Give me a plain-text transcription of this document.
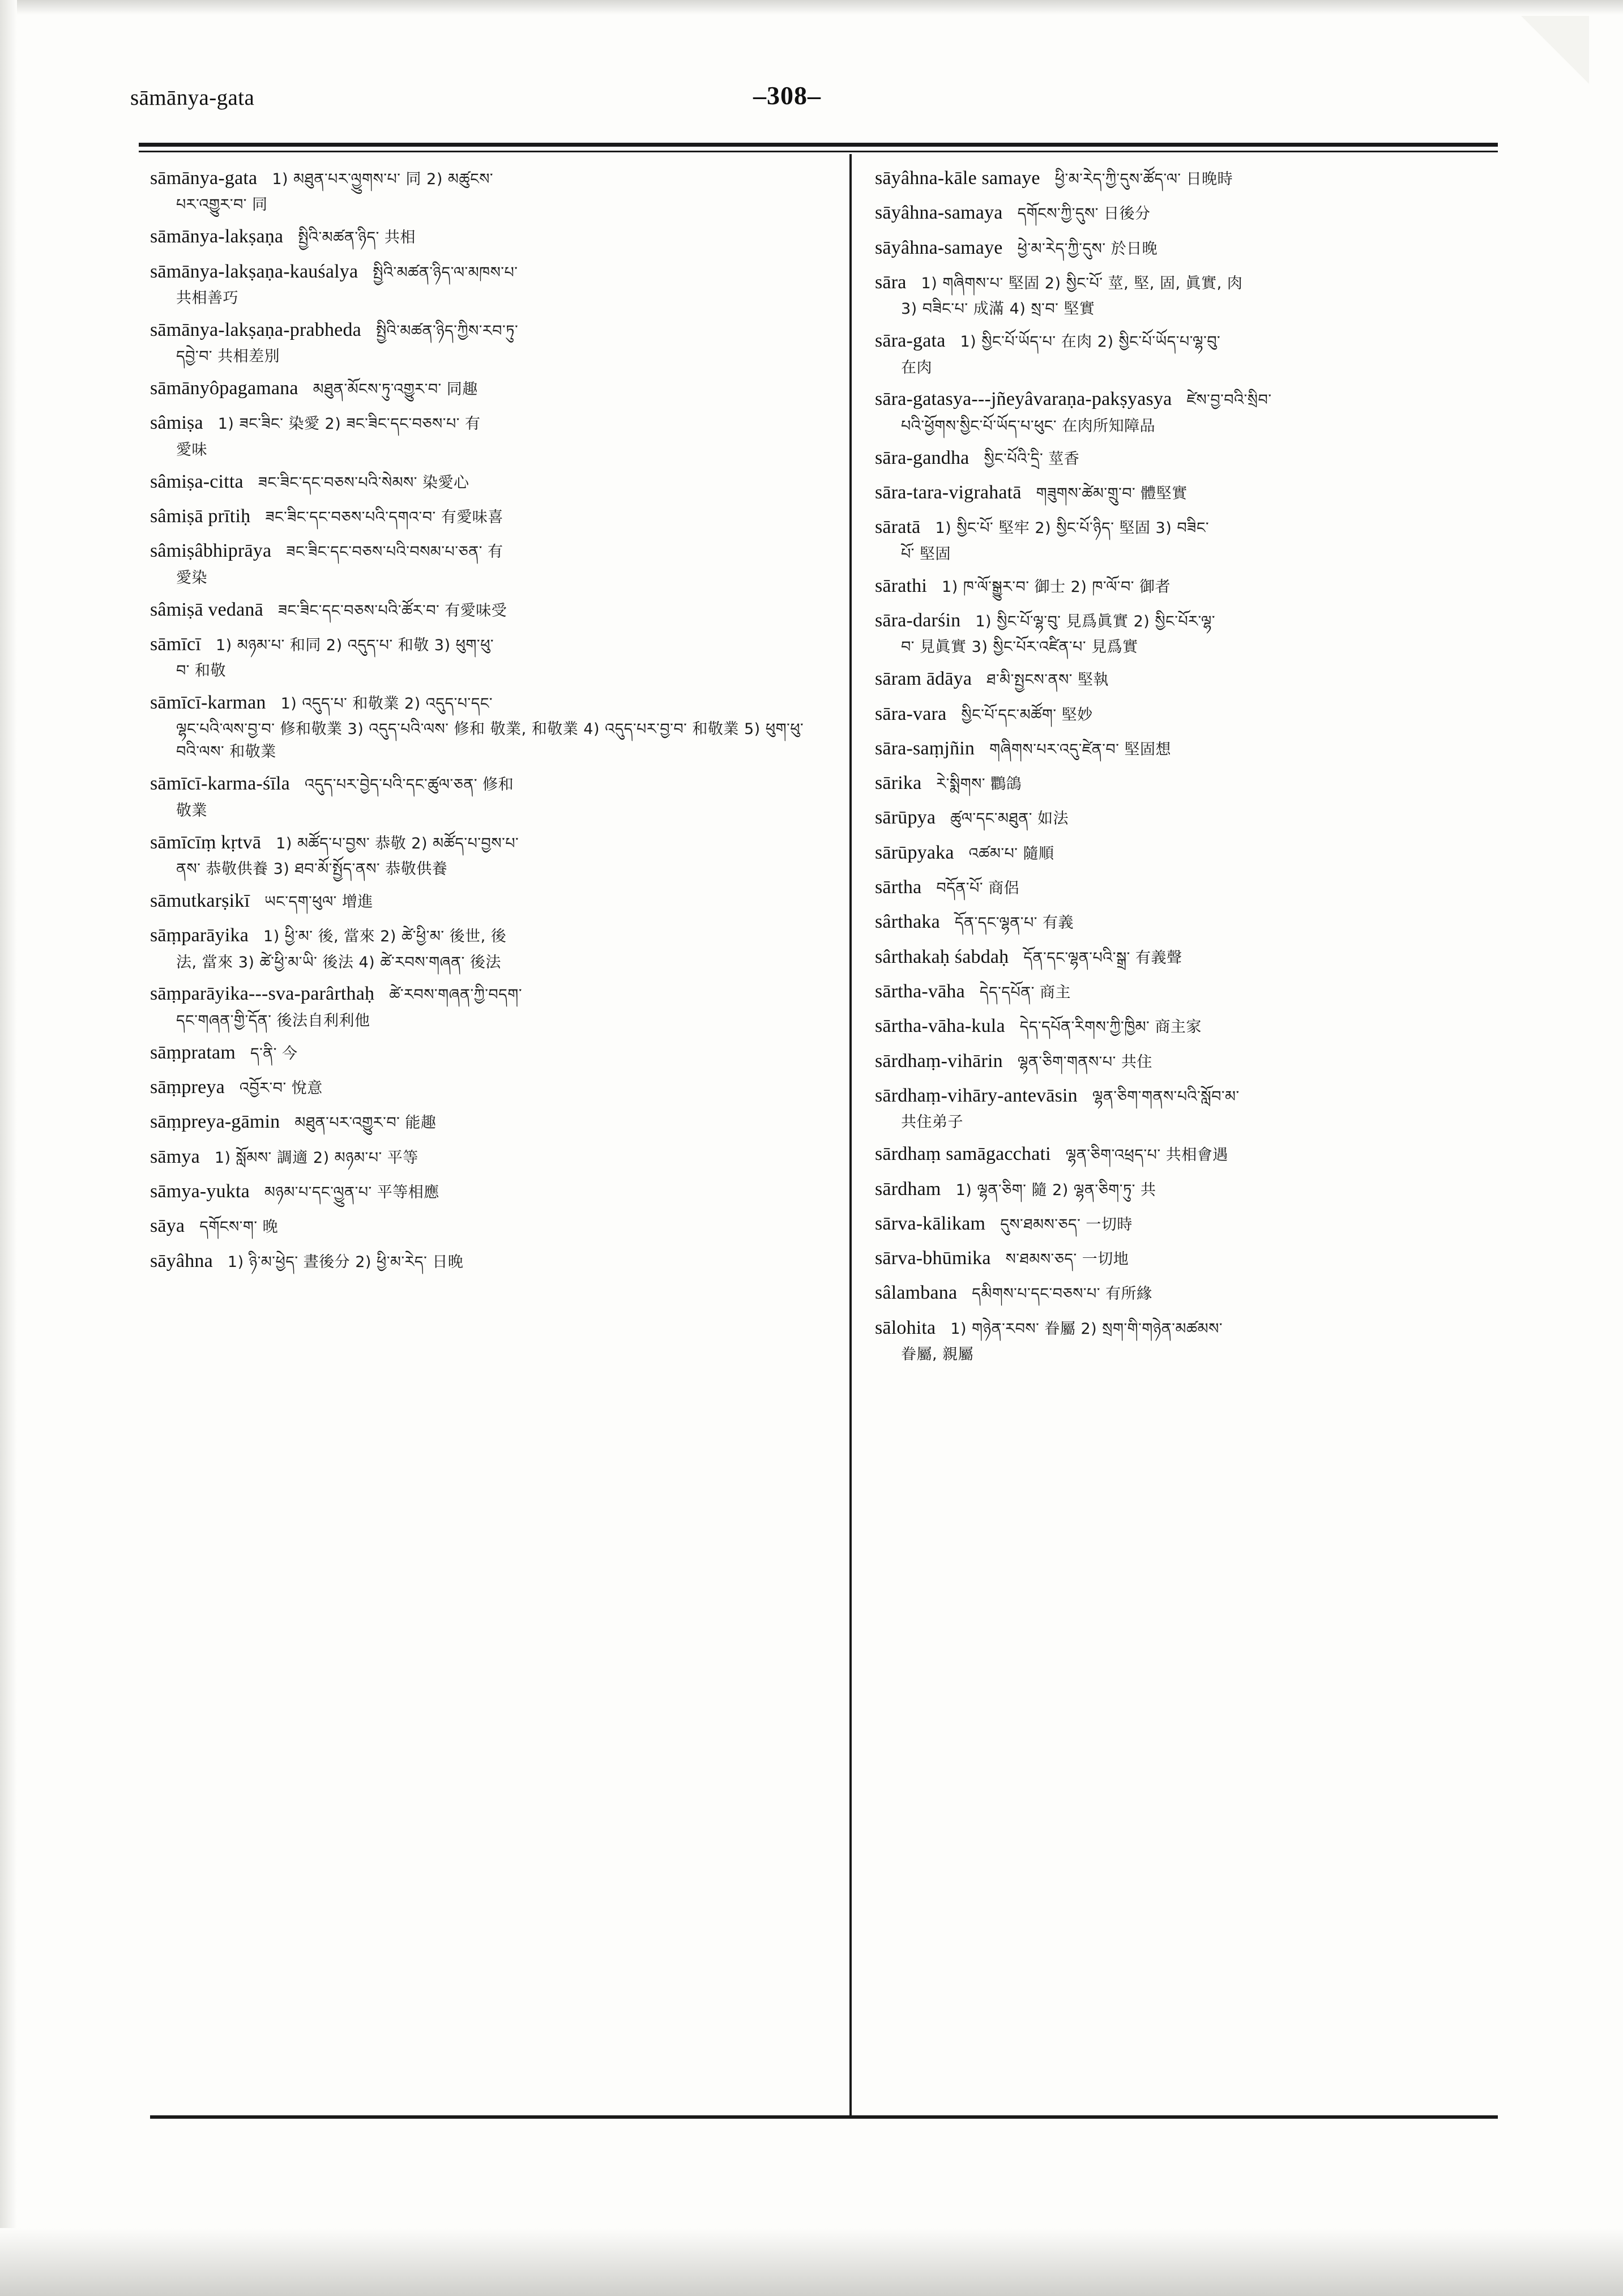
sāmānya-gata	–308–
sāmānya-gata 1) མཐུན་པར་ལྱུགས་པ་ 同 2) མཚུངས་
པར་འགྱུར་བ་ 同
sāmānya-lakṣaṇa སྤྱིའི་མཚན་ཉིད་ 共相
sāmānya-lakṣaṇa-kauśalya སྤྱིའི་མཚན་ཉིད་ལ་མཁས་པ་
共相善巧
sāmānya-lakṣaṇa-prabheda སྤྱིའི་མཚན་ཉིད་ཀྱིས་རབ་ཏུ་
དབྱེ་བ་ 共相差別
sāmānyôpagamana མཐུན་མོངས་ཏུ་འགྱུར་བ་ 同趣
sâmiṣa 1) ཟང་ཟིང་ 染愛 2) ཟང་ཟིང་དང་བཅས་པ་ 有
愛味
sâmiṣa-citta ཟང་ཟིང་དང་བཅས་པའི་སེམས་ 染愛心
sâmiṣā prītiḥ ཟང་ཟིང་དང་བཅས་པའི་དགའ་བ་ 有愛味喜
sâmiṣâbhiprāya ཟང་ཟིང་དང་བཅས་པའི་བསམ་པ་ཅན་ 有
愛染
sâmiṣā vedanā ཟང་ཟིང་དང་བཅས་པའི་ཚོར་བ་ 有愛味受
sāmīcī 1) མཉམ་པ་ 和同 2) འདུད་པ་ 和敬 3) ཕུག་ཕུ་
བ་ 和敬
sāmīcī-karman 1) འདུད་པ་ 和敬業 2) འདུད་པ་དང་
ལྷང་པའི་ལས་བྱ་བ་ 修和敬業 3) འདུད་པའི་ལས་ 修和 敬業, 和敬業 4) འདུད་པར་བྱ་བ་ 和敬業 5) ཕུག་ཕུ་ བའི་ལས་ 和敬業
sāmīcī-karma-śīla འདུད་པར་བྱེད་པའི་དང་ཚུལ་ཅན་ 修和
敬業
sāmīcīṃ kṛtvā 1) མཚོད་པ་བྱས་ 恭敬 2) མཚོད་པ་བྱས་པ་
ནས་ 恭敬供養 3) ཐབ་མོ་སྤྱོད་ནས་ 恭敬供養
sāmutkarṣikī ཡང་དག་ཕུལ་ 增進
sāṃparāyika 1) ཕྱི་མ་ 後, 當來 2) ཚེ་ཕྱི་མ་ 後世, 後
法, 當來 3) ཚེ་ཕྱི་མ་ཡི་ 後法 4) ཚེ་རབས་གཞན་ 後法
sāṃparāyika---sva-parârthaḥ ཚེ་རབས་གཞན་ཀྱི་བདག་
དང་གཞན་གྱི་དོན་ 後法自利利他
sāṃpratam ད་ནི་ 今
sāṃpreya འབྱོར་བ་ 悅意
sāṃpreya-gāmin མཐུན་པར་འགྱུར་བ་ 能趣
sāmya 1) སློམས་ 調適 2) མཉམ་པ་ 平等
sāmya-yukta མཉམ་པ་དང་ལྱུན་པ་ 平等相應
sāya དགོངས་ག་ 晚
sāyâhna 1) ཉི་མ་ཕྱེད་ 晝後分 2) ཕྱི་མ་རེད་ 日晚
sāyâhna-kāle samaye ཕྱི་མ་རེད་ཀྱི་དུས་ཚོད་ལ་ 日晚時
sāyâhna-samaya དགོངས་ཀྱི་དུས་ 日後分
sāyâhna-samaye ཕྱེ་མ་རེད་ཀྱི་དུས་ 於日晚
sāra 1) གཞིགས་པ་ 堅固 2) སྱིང་པོ་ 莖, 堅, 固, 眞實, 肉
3) བཟིང་པ་ 成滿 4) སྲ་བ་ 堅實
sāra-gata 1) སྱིང་པོ་ཡོད་པ་ 在肉 2) སྱིང་པོ་ཡོད་པ་ལྷ་བུ་
在肉
sāra-gatasya---jñeyâvaraṇa-pakṣyasya ཛེས་བྱ་བའི་སྲིབ་
པའི་ཕྱོགས་སྱིང་པོ་ཡོད་པ་ཕུང་ 在肉所知障品
sāra-gandha སྱིང་པོའི་དྲི་ 莖香
sāra-tara-vigrahatā གཟུགས་ཚེམ་གྲུ་བ་ 體堅實
sāratā 1) སྱིང་པོ་ 堅牢 2) སྱིང་པོ་ཉིད་ 堅固 3) བཟིང་
པོ་ 堅固
sārathi 1) ཁ་ལོ་སྒྱུར་བ་ 御士 2) ཁ་ལོ་བ་ 御者
sāra-darśin 1) སྱིང་པོ་ལྷ་བུ་ 見爲眞實 2) སྱིང་པོར་ལྷ་
བ་ 見眞實 3) སྱིང་པོར་འཛིན་པ་ 見爲實
sāram ādāya ཐ་མི་སྤྱངས་ནས་ 堅執
sāra-vara སྱིང་པོ་དང་མཚོག་ 堅妙
sāra-saṃjñin གཞིགས་པར་འདུ་ཛེན་བ་ 堅固想
sārika རེ་སྨིགས་ 鸜鴿
sārūpya ཚུལ་དང་མཐུན་ 如法
sārūpyaka འཚམ་པ་ 隨順
sārtha བདོན་པོ་ 商侶
sârthaka དོན་དང་ལྷན་པ་ 有義
sârthakaḥ śabdaḥ དོན་དང་ལྷན་པའི་སྒྲ་ 有義聲
sārtha-vāha དེད་དཔོན་ 商主
sārtha-vāha-kula དེད་དཔོན་རིགས་ཀྱི་ཁྱིམ་ 商主家
sārdhaṃ-vihārin ལྷན་ཅིག་གནས་པ་ 共住
sārdhaṃ-vihāry-antevāsin ལྷན་ཅིག་གནས་པའི་སློབ་མ་
共住弟子
sārdhaṃ samāgacchati ལྷན་ཅིག་འཕྲད་པ་ 共相會遇
sārdham 1) ལྷན་ཅིག་ 隨 2) ལྷན་ཅིག་ཏུ་ 共
sārva-kālikam དུས་ཐམས་ཅད་ 一切時
sārva-bhūmika ས་ཐམས་ཅད་ 一切地
sâlambana དམིགས་པ་དང་བཅས་པ་ 有所緣
sālohita 1) གཉེན་རབས་ 眷屬 2) སྲག་གི་གཉེན་མཚམས་
眷屬, 親屬
